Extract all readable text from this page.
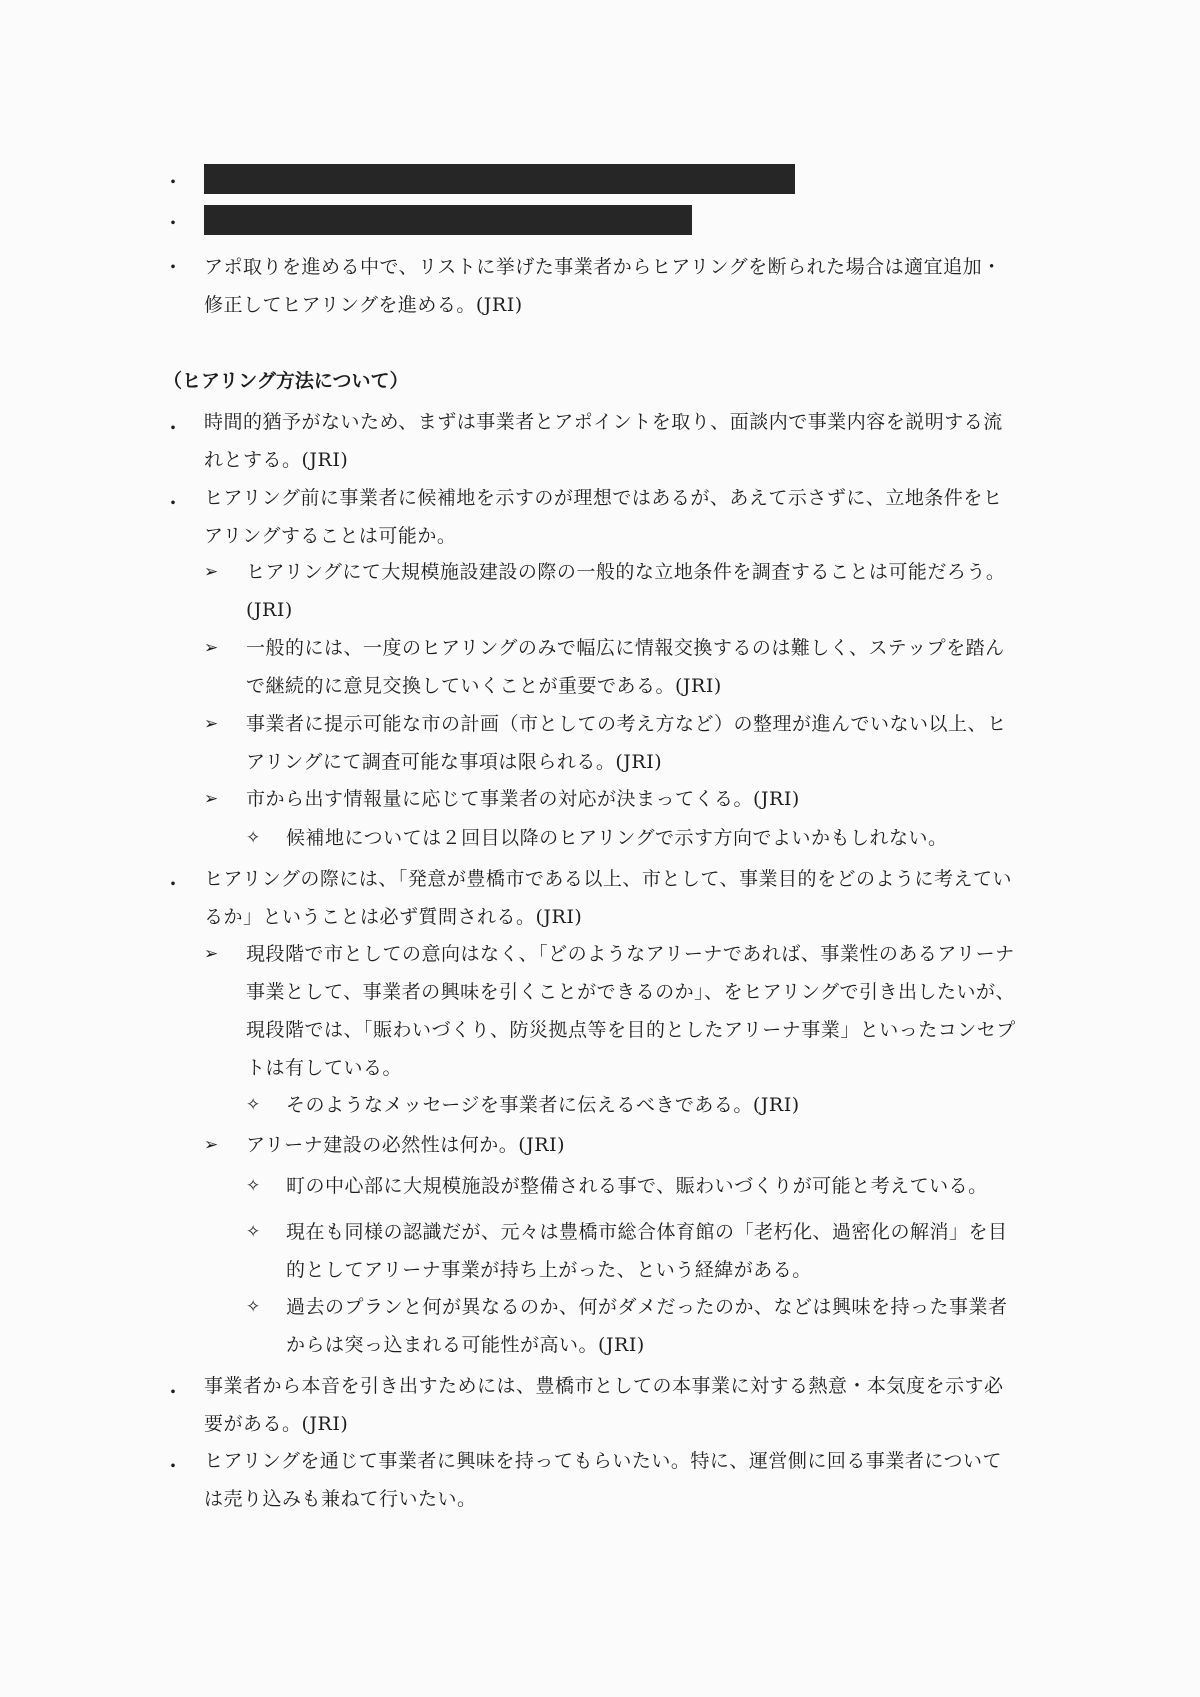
・
・
・ アポ取りを進める中で、リストに挙げた事業者からヒアリングを断られた場合は適宜追加・
修正してヒアリングを進める。(JRI)
（ヒアリング方法について）
・ 時間的猶予がないため、まずは事業者とアポイントを取り、面談内で事業内容を説明する流
れとする。(JRI)
・ ヒアリング前に事業者に候補地を示すのが理想ではあるが、あえて示さずに、立地条件をヒ
アリングすることは可能か。
➢ ヒアリングにて大規模施設建設の際の一般的な立地条件を調査することは可能だろう。
(JRI)
➢ 一般的には、一度のヒアリングのみで幅広に情報交換するのは難しく、ステップを踏ん
で継続的に意見交換していくことが重要である。(JRI)
➢ 事業者に提示可能な市の計画（市としての考え方など）の整理が進んでいない以上、ヒ
アリングにて調査可能な事項は限られる。(JRI)
➢ 市から出す情報量に応じて事業者の対応が決まってくる。(JRI)
✧ 候補地については２回目以降のヒアリングで示す方向でよいかもしれない。
・ ヒアリングの際には、「発意が豊橋市である以上、市として、事業目的をどのように考えてい
るか」ということは必ず質問される。(JRI)
➢ 現段階で市としての意向はなく、「どのようなアリーナであれば、事業性のあるアリーナ
事業として、事業者の興味を引くことができるのか」、をヒアリングで引き出したいが、
現段階では、「賑わいづくり、防災拠点等を目的としたアリーナ事業」といったコンセプ
トは有している。
✧ そのようなメッセージを事業者に伝えるべきである。(JRI)
➢ アリーナ建設の必然性は何か。(JRI)
✧ 町の中心部に大規模施設が整備される事で、賑わいづくりが可能と考えている。
✧ 現在も同様の認識だが、元々は豊橋市総合体育館の「老朽化、過密化の解消」を目
的としてアリーナ事業が持ち上がった、という経緯がある。
✧ 過去のプランと何が異なるのか、何がダメだったのか、などは興味を持った事業者
からは突っ込まれる可能性が高い。(JRI)
・ 事業者から本音を引き出すためには、豊橋市としての本事業に対する熱意・本気度を示す必
要がある。(JRI)
・ ヒアリングを通じて事業者に興味を持ってもらいたい。特に、運営側に回る事業者について
は売り込みも兼ねて行いたい。
